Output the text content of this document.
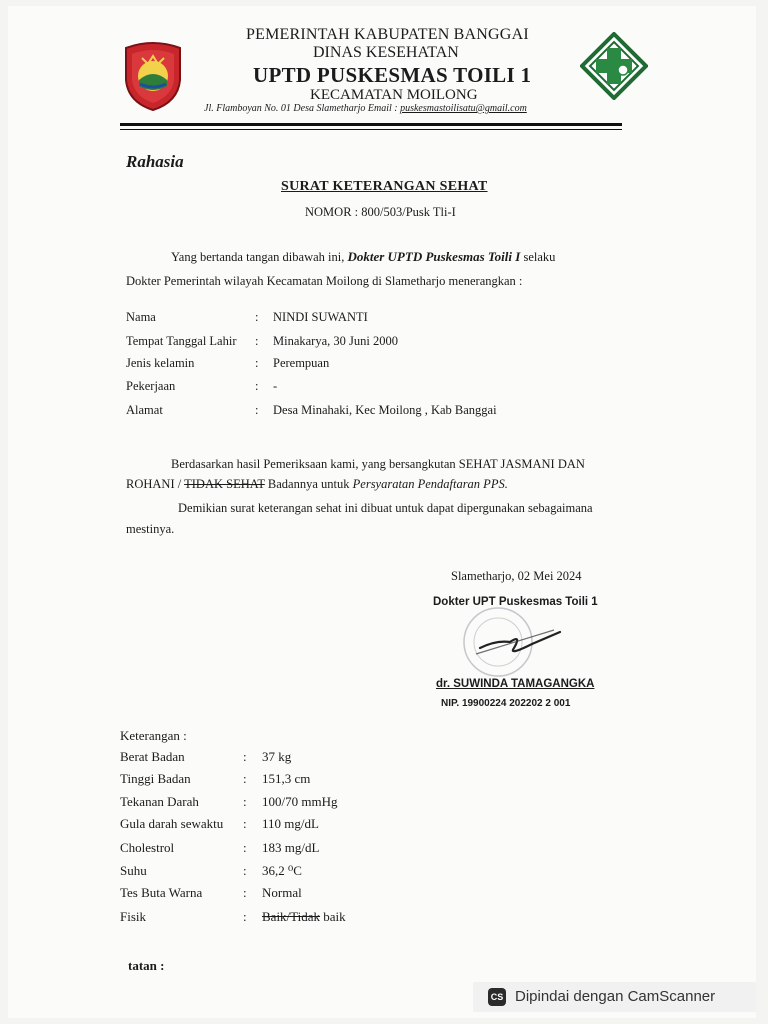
PEMERINTAH KABUPATEN BANGGAI
DINAS KESEHATAN
UPTD PUSKESMAS TOILI 1
KECAMATAN MOILONG
Jl. Flamboyan No. 01 Desa Slametharjo Email : puskesmastoilisatu@gmail.com
Rahasia
SURAT KETERANGAN SEHAT
NOMOR : 800/503/Pusk Tli-I
Yang bertanda tangan dibawah ini, Dokter UPTD Puskesmas Toili I selaku
Dokter Pemerintah wilayah Kecamatan Moilong di Slametharjo menerangkan :
Nama	: NINDI SUWANTI
Tempat Tanggal Lahir : Minakarya, 30 Juni 2000
Jenis kelamin	: Perempuan
Pekerjaan	: -
Alamat	: Desa Minahaki, Kec Moilong , Kab Banggai
Berdasarkan hasil Pemeriksaan kami, yang bersangkutan SEHAT JASMANI DAN
ROHANI / TIDAK SEHAT Badannya untuk Persyaratan Pendaftaran PPS.
Demikian surat keterangan sehat ini dibuat untuk dapat dipergunakan sebagaimana
mestinya.
Slametharjo, 02 Mei 2024
Dokter UPT Puskesmas Toili 1
dr. SUWINDA TAMAGANGKA
NIP. 19900224 202202 2 001
Keterangan :
Berat Badan	: 37 kg
Tinggi Badan	: 151,3 cm
Tekanan Darah	: 100/70 mmHg
Gula darah sewaktu : 110 mg/dL
Cholestrol	: 183 mg/dL
Suhu	: 36,2 ⁰C
Tes Buta Warna	: Normal
Fisik	: Baik/Tidak baik
tatan :
CS Dipindai dengan CamScanner
